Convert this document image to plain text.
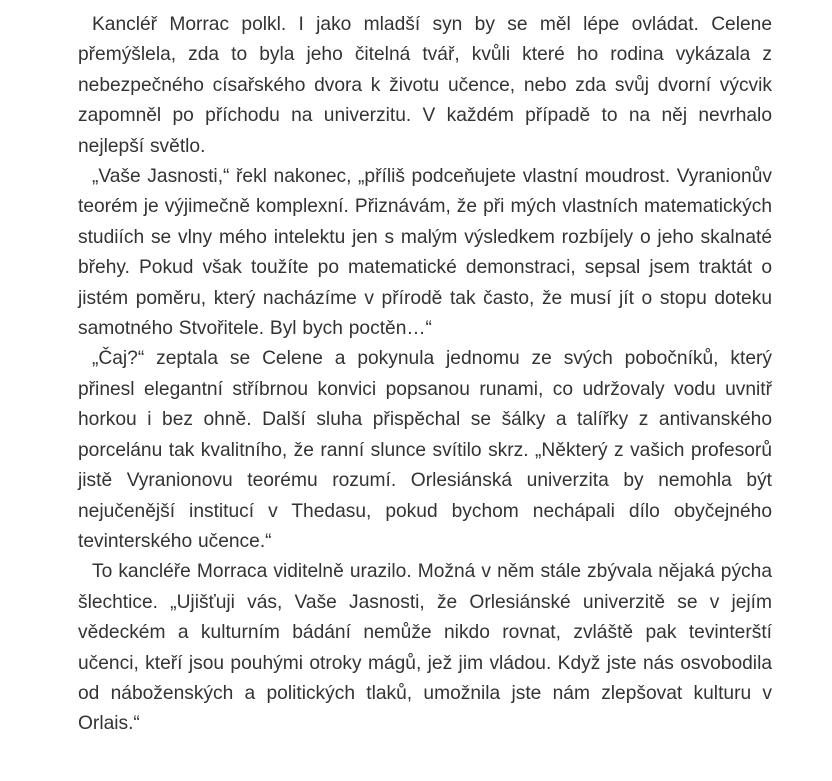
Kancléř Morrac polkl. I jako mladší syn by se měl lépe ovládat. Celene přemýšlela, zda to byla jeho čitelná tvář, kvůli které ho rodina vykázala z nebezpečného císařského dvora k životu učence, nebo zda svůj dvorní výcvik zapomněl po příchodu na univerzitu. V každém případě to na něj nevrhalo nejlepší světlo.

„Vaše Jasnosti,“ řekl nakonec, „příliš podceňujete vlastní moudrost. Vyranionův teorém je výjimečně komplexní. Přiznávám, že při mých vlastních matematických studiích se vlny mého intelektu jen s malým výsledkem rozbíjely o jeho skalnaté břehy. Pokud však toužíte po matematické demonstraci, sepsal jsem traktát o jistém poměru, který nacházíme v přírodě tak často, že musí jít o stopu doteku samotného Stvořitele. Byl bych poctěn…“

„Čaj?“ zeptala se Celene a pokynula jednomu ze svých pobočníků, který přinesl elegantní stříbrnou konvici popsanou runami, co udržovaly vodu uvnitř horkou i bez ohně. Další sluha přispěchal se šálky a talířky z antivanského porcelánu tak kvalitního, že ranní slunce svítilo skrz. „Některý z vašich profesorů jistě Vyranionovu teorému rozumí. Orlesiánská univerzita by nemohla být nejučenější institucí v Thedasu, pokud bychom nechápali dílo obyčejného tevinterského učence.“

To kancléře Morraca viditelně urazilo. Možná v něm stále zbývala nějaká pýcha šlechtice. „Ujišťuji vás, Vaše Jasnosti, že Orlesiánské univerzitě se v jejím vědeckém a kulturním bádání nemůže nikdo rovnat, zvláště pak tevinterští učenci, kteří jsou pouhými otroky mágů, jež jim vládou. Když jste nás osvobodila od náboženských a politických tlaků, umožnila jste nám zlepšovat kulturu v Orlais.“
